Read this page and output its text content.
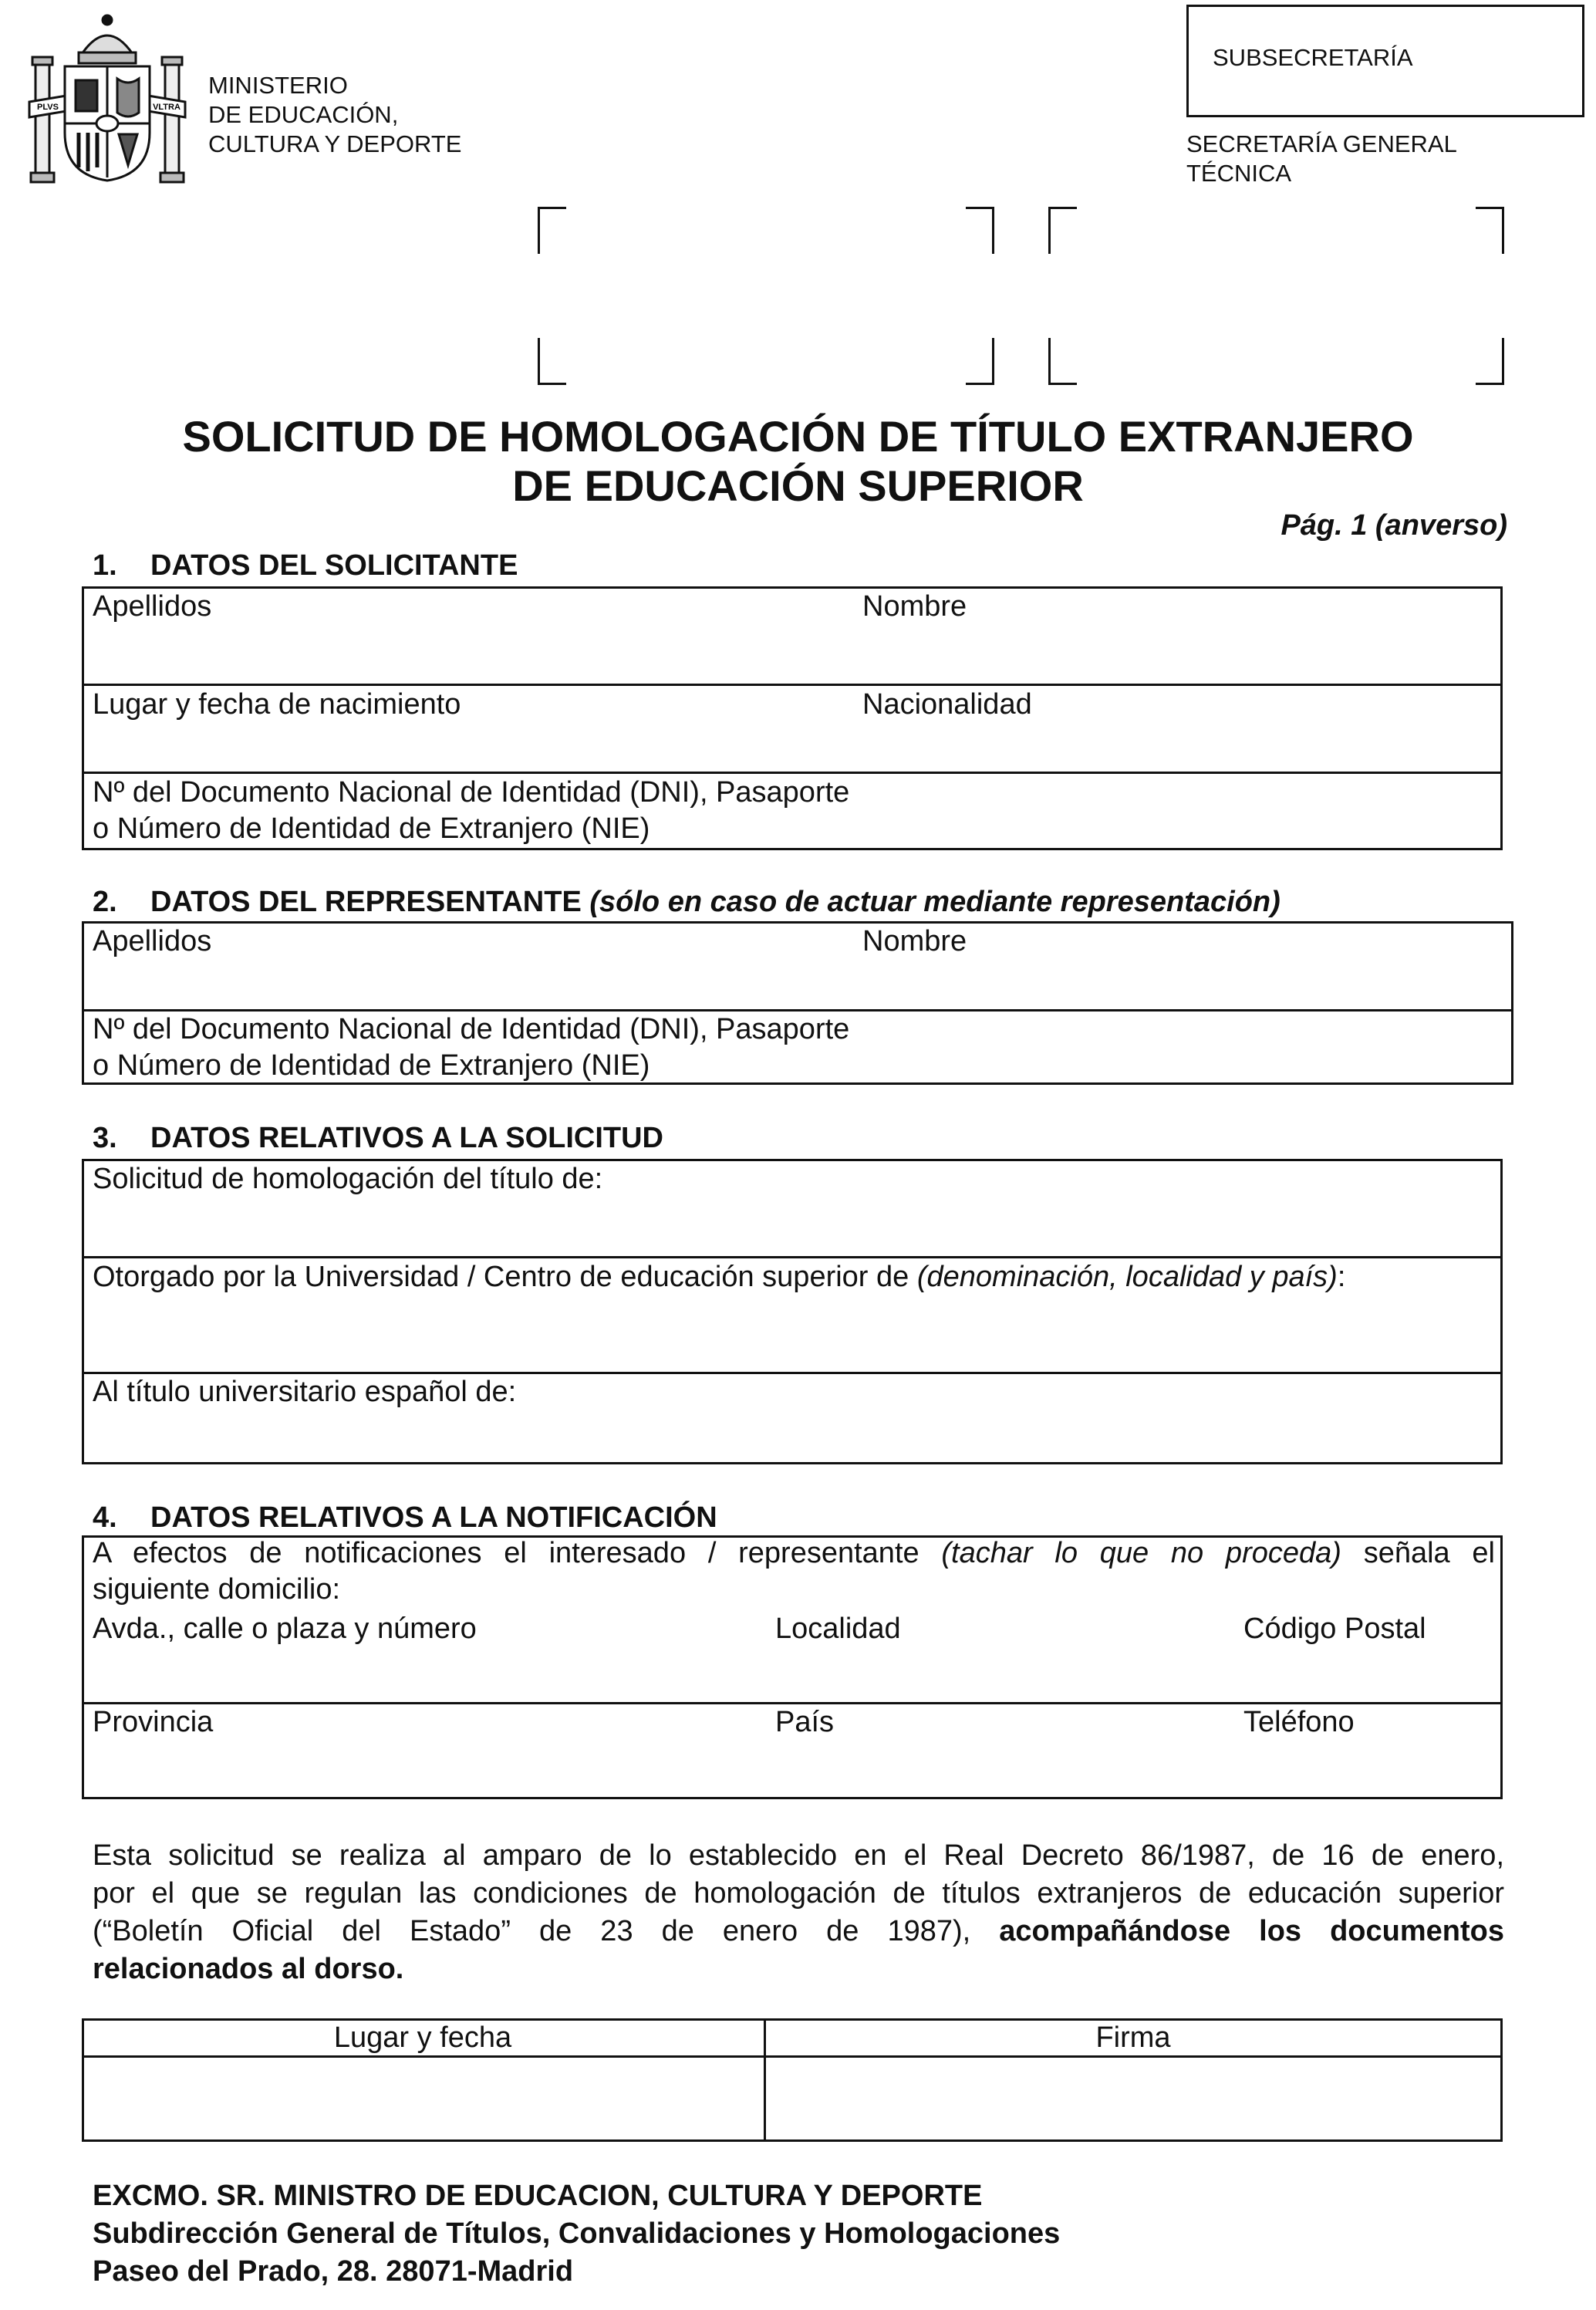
PLVS	VLTRA
MINISTERIO
DE EDUCACIÓN,
CULTURA Y DEPORTE
SUBSECRETARÍA
SECRETARÍA GENERAL
TÉCNICA
SOLICITUD DE HOMOLOGACIÓN DE TÍTULO EXTRANJERO
DE EDUCACIÓN SUPERIOR
Pág. 1 (anverso)
1. DATOS DEL SOLICITANTE
Apellidos	Nombre
Lugar y fecha de nacimiento	Nacionalidad
Nº del Documento Nacional de Identidad (DNI), Pasaporte
o Número de Identidad de Extranjero (NIE)
2. DATOS DEL REPRESENTANTE (sólo en caso de actuar mediante representación)
Apellidos	Nombre
Nº del Documento Nacional de Identidad (DNI), Pasaporte
o Número de Identidad de Extranjero (NIE)
3. DATOS RELATIVOS A LA SOLICITUD
Solicitud de homologación del título de:
Otorgado por la Universidad / Centro de educación superior de (denominación, localidad y país):
Al título universitario español de:
4. DATOS RELATIVOS A LA NOTIFICACIÓN
A efectos de notificaciones el interesado / representante (tachar lo que no proceda) señala el
siguiente domicilio:
Avda., calle o plaza y número	Localidad	Código Postal
Provincia	País	Teléfono
Esta solicitud se realiza al amparo de lo establecido en el Real Decreto 86/1987, de 16 de enero,
por el que se regulan las condiciones de homologación de títulos extranjeros de educación superior
(“Boletín Oficial del Estado” de 23 de enero de 1987), acompañándose los documentos
relacionados al dorso.
Lugar y fecha	Firma
EXCMO. SR. MINISTRO DE EDUCACION, CULTURA Y DEPORTE
Subdirección General de Títulos, Convalidaciones y Homologaciones
Paseo del Prado, 28. 28071-Madrid
